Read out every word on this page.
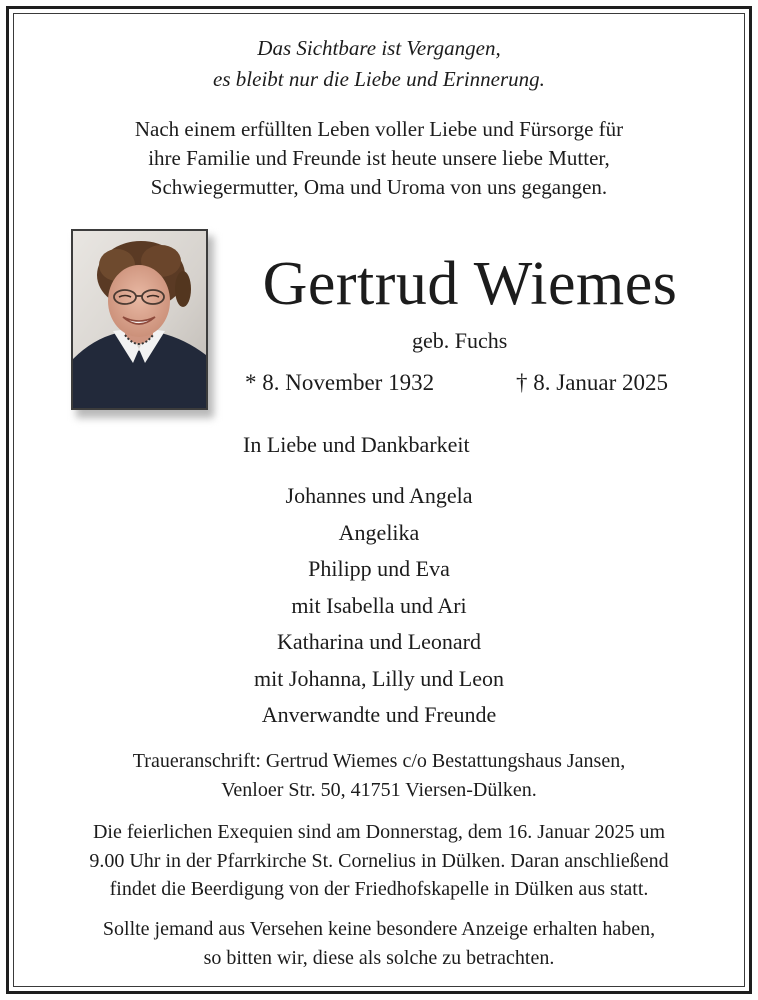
Das Sichtbare ist Vergangen,
es bleibt nur die Liebe und Erinnerung.
Nach einem erfüllten Leben voller Liebe und Fürsorge für
ihre Familie und Freunde ist heute unsere liebe Mutter,
Schwiegermutter, Oma und Uroma von uns gegangen.
Gertrud Wiemes
geb. Fuchs
* 8. November 1932	† 8. Januar 2025
In Liebe und Dankbarkeit
Johannes und Angela
Angelika
Philipp und Eva
mit Isabella und Ari
Katharina und Leonard
mit Johanna, Lilly und Leon
Anverwandte und Freunde
Traueranschrift: Gertrud Wiemes c/o Bestattungshaus Jansen,
Venloer Str. 50, 41751 Viersen-Dülken.
Die feierlichen Exequien sind am Donnerstag, dem 16. Januar 2025 um
9.00 Uhr in der Pfarrkirche St. Cornelius in Dülken. Daran anschließend
findet die Beerdigung von der Friedhofskapelle in Dülken aus statt.
Sollte jemand aus Versehen keine besondere Anzeige erhalten haben,
so bitten wir, diese als solche zu betrachten.
